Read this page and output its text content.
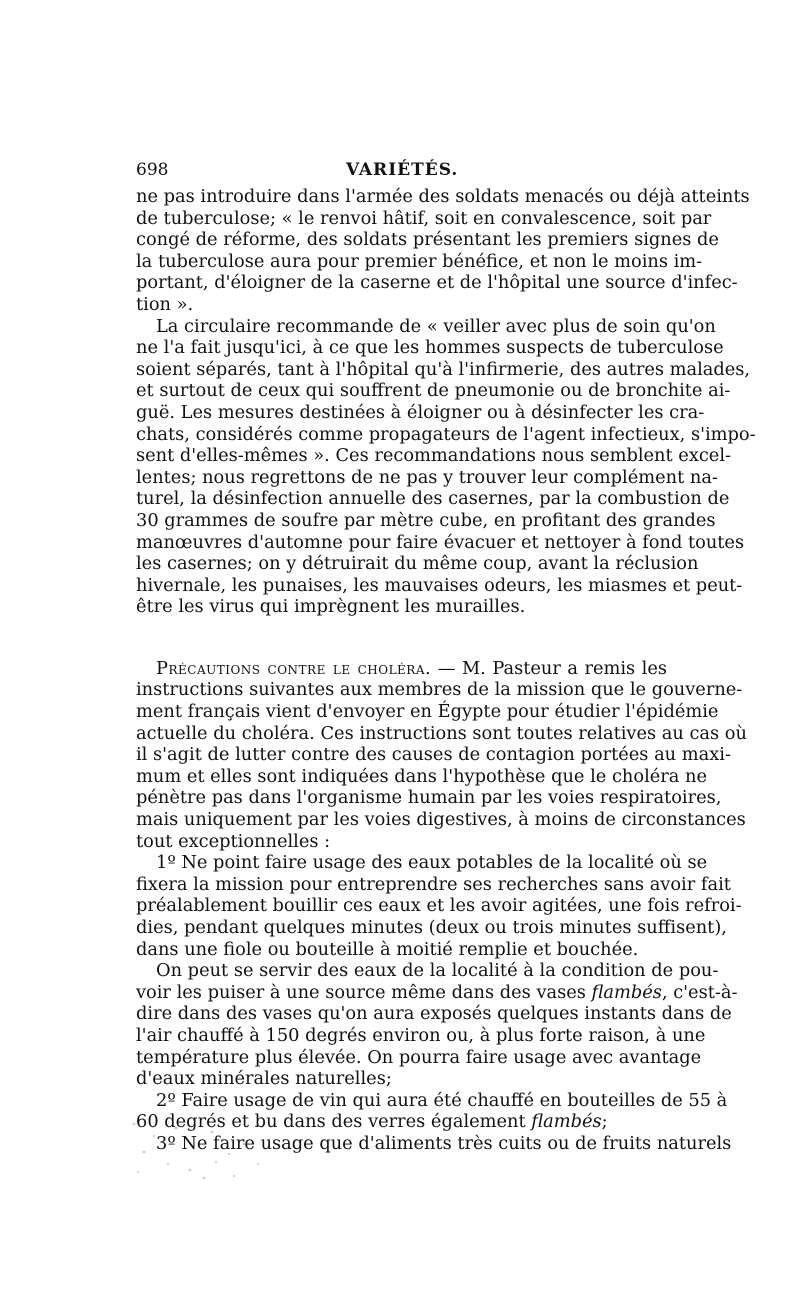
698	VARIÉTÉS.

ne pas introduire dans l'armée des soldats menacés ou déjà atteints

de tuberculose; « le renvoi hâtif, soit en convalescence, soit par

congé de réforme, des soldats présentant les premiers signes de

la tuberculose aura pour premier bénéfice, et non le moins im-

portant, d'éloigner de la caserne et de l'hôpital une source d'infec-

tion ».

La circulaire recommande de « veiller avec plus de soin qu'on

ne l'a fait jusqu'ici, à ce que les hommes suspects de tuberculose

soient séparés, tant à l'hôpital qu'à l'infirmerie, des autres malades,

et surtout de ceux qui souffrent de pneumonie ou de bronchite ai-

guë. Les mesures destinées à éloigner ou à désinfecter les cra-

chats, considérés comme propagateurs de l'agent infectieux, s'impo-

sent d'elles-mêmes ». Ces recommandations nous semblent excel-

lentes; nous regrettons de ne pas y trouver leur complément na-

turel, la désinfection annuelle des casernes, par la combustion de

30 grammes de soufre par mètre cube, en profitant des grandes

manœuvres d'automne pour faire évacuer et nettoyer à fond toutes

les casernes; on y détruirait du même coup, avant la réclusion

hivernale, les punaises, les mauvaises odeurs, les miasmes et peut-

être les virus qui imprègnent les murailles.

Précautions contre le choléra. — M. Pasteur a remis les

instructions suivantes aux membres de la mission que le gouverne-

ment français vient d'envoyer en Égypte pour étudier l'épidémie

actuelle du choléra. Ces instructions sont toutes relatives au cas où

il s'agit de lutter contre des causes de contagion portées au maxi-

mum et elles sont indiquées dans l'hypothèse que le choléra ne

pénètre pas dans l'organisme humain par les voies respiratoires,

mais uniquement par les voies digestives, à moins de circonstances

tout exceptionnelles :

1º Ne point faire usage des eaux potables de la localité où se

fixera la mission pour entreprendre ses recherches sans avoir fait

préalablement bouillir ces eaux et les avoir agitées, une fois refroi-

dies, pendant quelques minutes (deux ou trois minutes suffisent),

dans une fiole ou bouteille à moitié remplie et bouchée.

On peut se servir des eaux de la localité à la condition de pou-

voir les puiser à une source même dans des vases flambés, c'est-à-

dire dans des vases qu'on aura exposés quelques instants dans de

l'air chauffé à 150 degrés environ ou, à plus forte raison, à une

température plus élevée. On pourra faire usage avec avantage

d'eaux minérales naturelles;

2º Faire usage de vin qui aura été chauffé en bouteilles de 55 à

60 degrés et bu dans des verres également flambés;

3º Ne faire usage que d'aliments très cuits ou de fruits naturels
